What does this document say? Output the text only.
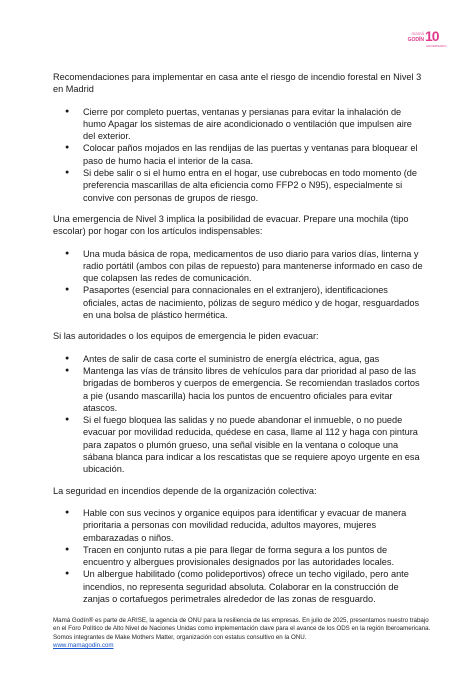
mamá
GODÍN 10
ANIVERSARIO

Recomendaciones para implementar en casa ante el riesgo de incendio forestal en Nivel 3 en Madrid

● Cierre por completo puertas, ventanas y persianas para evitar la inhalación de humo Apagar los sistemas de aire acondicionado o ventilación que impulsen aire del exterior.
● Colocar paños mojados en las rendijas de las puertas y ventanas para bloquear el paso de humo hacia el interior de la casa.
● Si debe salir o si el humo entra en el hogar, use cubrebocas en todo momento (de preferencia mascarillas de alta eficiencia como FFP2 o N95), especialmente si convive con personas de grupos de riesgo.

Una emergencia de Nivel 3 implica la posibilidad de evacuar. Prepare una mochila (tipo escolar) por hogar con los artículos indispensables:

● Una muda básica de ropa, medicamentos de uso diario para varios días, linterna y radio portátil (ambos con pilas de repuesto) para mantenerse informado en caso de que colapsen las redes de comunicación.
● Pasaportes (esencial para connacionales en el extranjero), identificaciones oficiales, actas de nacimiento, pólizas de seguro médico y de hogar, resguardados en una bolsa de plástico hermética.

Si las autoridades o los equipos de emergencia le piden evacuar:

● Antes de salir de casa corte el suministro de energía eléctrica, agua, gas
● Mantenga las vías de tránsito libres de vehículos para dar prioridad al paso de las brigadas de bomberos y cuerpos de emergencia. Se recomiendan traslados cortos a pie (usando mascarilla) hacia los puntos de encuentro oficiales para evitar atascos.
● Si el fuego bloquea las salidas y no puede abandonar el inmueble, o no puede evacuar por movilidad reducida, quédese en casa, llame al 112 y haga con pintura para zapatos o plumón grueso, una señal visible en la ventana o coloque una sábana blanca para indicar a los rescatistas que se requiere apoyo urgente en esa ubicación.

La seguridad en incendios depende de la organización colectiva:

● Hable con sus vecinos y organice equipos para identificar y evacuar de manera prioritaria a personas con movilidad reducida, adultos mayores, mujeres embarazadas o niños.
● Tracen en conjunto rutas a pie para llegar de forma segura a los puntos de encuentro y albergues provisionales designados por las autoridades locales.
● Un albergue habilitado (como polideportivos) ofrece un techo vigilado, pero ante incendios, no representa seguridad absoluta. Colaborar en la construcción de zanjas o cortafuegos perimetrales alrededor de las zonas de resguardo.
Mamá Godín® es parte de ARISE, la agencia de ONU para la resiliencia de las empresas. En julio de 2025, presentamos nuestro trabajo en el Foro Político de Alto Nivel de Naciones Unidas como implementación clave para el avance de los ODS en la región Iberoamericana. Somos integrantes de Make Mothers Matter, organización con estatus consultivo en la ONU.
www.mamagodin.com
